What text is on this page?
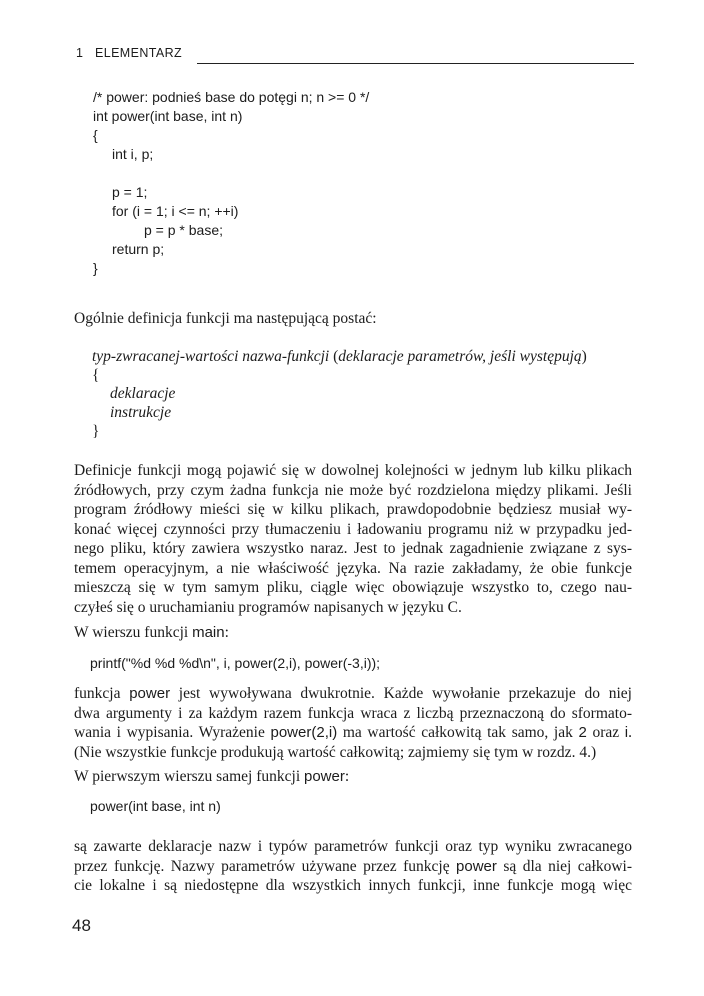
1 ELEMENTARZ
/* power: podnieś base do potęgi n; n >= 0 */
int power(int base, int n)
{
int i, p;
p = 1;
for (i = 1; i <= n; ++i)
p = p * base;
return p;
}
Ogólnie definicja funkcji ma następującą postać:
typ-zwracanej-wartości nazwa-funkcji (deklaracje parametrów, jeśli występują)
{
deklaracje
instrukcje
}
Definicje funkcji mogą pojawić się w dowolnej kolejności w jednym lub kilku plikach
źródłowych, przy czym żadna funkcja nie może być rozdzielona między plikami. Jeśli
program źródłowy mieści się w kilku plikach, prawdopodobnie będziesz musiał wy-
konać więcej czynności przy tłumaczeniu i ładowaniu programu niż w przypadku jed-
nego pliku, który zawiera wszystko naraz. Jest to jednak zagadnienie związane z sys-
temem operacyjnym, a nie właściwość języka. Na razie zakładamy, że obie funkcje
mieszczą się w tym samym pliku, ciągle więc obowiązuje wszystko to, czego nau-
czyłeś się o uruchamianiu programów napisanych w języku C.
W wierszu funkcji main:
printf("%d %d %d\n", i, power(2,i), power(-3,i));
funkcja power jest wywoływana dwukrotnie. Każde wywołanie przekazuje do niej
dwa argumenty i za każdym razem funkcja wraca z liczbą przeznaczoną do sformato-
wania i wypisania. Wyrażenie power(2,i) ma wartość całkowitą tak samo, jak 2 oraz i.
(Nie wszystkie funkcje produkują wartość całkowitą; zajmiemy się tym w rozdz. 4.)
W pierwszym wierszu samej funkcji power:
power(int base, int n)
są zawarte deklaracje nazw i typów parametrów funkcji oraz typ wyniku zwracanego
przez funkcję. Nazwy parametrów używane przez funkcję power są dla niej całkowi-
cie lokalne i są niedostępne dla wszystkich innych funkcji, inne funkcje mogą więc
48
